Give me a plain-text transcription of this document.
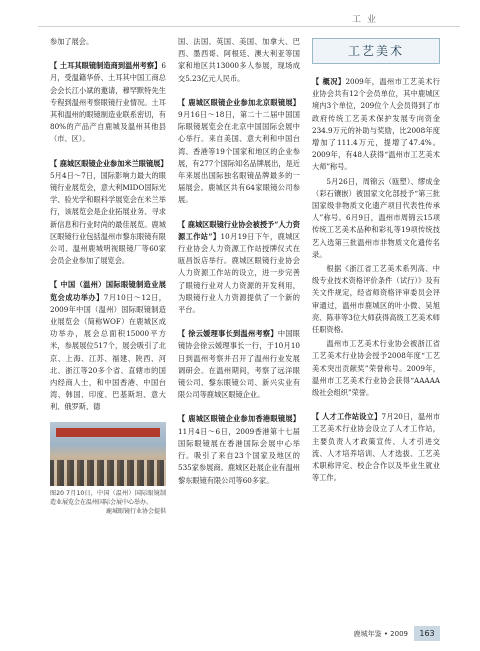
工业

参加了展会。

【 土耳其眼镜制造商到温州考察】6月，受温籍华侨、土耳其中国工商总会会长江小斌的邀请，穆罕默特先生专程到温州考察眼镜行业情况。土耳其和温州的眼镜制造业联系密切，有80%的产品产自鹿城及温州其他县（市、区）。

【 鹿城区眼镜企业参加米兰眼镜展】5月4日～7日，国际影响力最大的眼镜行业展览会，意大利MIDO国际光学、验光学和眼科学展览会在米兰举行，该展览会是企业拓展业务、寻求新信息和行业时尚的最佳展览。鹿城区眼镜行业包括温州市黎东眼镜有限公司、温州鹿城明视眼镜厂等60家会员企业参加了展览会。

【 中国（温州）国际眼镜制造业展览会成功举办】7月10日～12日，2009年中国（温州）国际眼镜制造业展览会（简称WOF）在鹿城区成功举办，展会总面积15000平方米，参展展位517个，展会吸引了北京、上海、江苏、福建、陕西、河北、浙江等20多个省、直辖市的国内经商人士，和中国香港、中国台湾、韩国、印度、巴基斯坦、意大利、俄罗斯、德

图20 7月10日，中国（温州）国际眼镜制造业展览会在温州国际会展中心举办。
鹿城眼镜行业协会提供

国、法国、英国、美国、加拿大、巴西、墨西哥、阿根廷、澳大利亚等国家和地区共13000多人参展，现场成交5.23亿元人民币。

【 鹿城区眼镜企业参加北京眼镜展】9月16日～18日，第二十二届中国国际眼镜展览会在北京中国国际会展中心举行。来自美国、意大利和中国台湾、香港等19个国家和地区的企业参展，有277个国际知名品牌展出，是近年来展出国际独名眼镜品牌最多的一届展会。鹿城区共有64家眼镜公司参展。

【 鹿城区眼镜行业协会被授予“人力资源工作站”】10月19日下午，鹿城区行业协会人力资源工作站授牌仪式在瓯昌饭店举行。鹿城区眼镜行业协会人力资源工作站的设立，进一步完善了眼镜行业对人力资源的开发利用，为眼镜行业人力资源提供了一个新的平台。

【 徐云媛理事长到温州考察】中国眼镜协会徐云媛理事长一行，于10月10日到温州考察并召开了温州行业发展调研会。在温州期间，考察了远洋眼镜公司、黎东眼镜公司、新兴实业有限公司等鹿城区眼镜企业。

【 鹿城区眼镜企业参加香港眼镜展】11月4日～6日，2009香港第十七届国际眼镜展在香港国际会展中心举行。吸引了来自23个国家及地区的535家参展商。鹿城区赴展企业有温州黎东眼镜有限公司等60多家。

工艺美术

【 概况】2009年，温州市工艺美术行业协会共有12个会员单位，其中鹿城区境内3个单位，209位个人会员得到了市政府传统工艺美术保护发展专向资金234.9万元的补助与奖励，比2008年度增加了111.4万元，提增了47.4%。2009年，有48人获得“温州市工艺美术大师”称号。

5月26日，周锦云（瓯塑）、缪成金（彩石镶嵌）被国家文化部授予“第三批国家级非物质文化遗产项目代表性传承人”称号。6月9日，温州市周锦云15项传统工艺美术品种和彩礼等19项传统技艺入选第三批温州市非物质文化遗传名录。

根据《浙江省工艺美术系列高、中级专业技术资格评价条件（试行）》及有关文件规定，经省师资格评审委员会评审通过，温州市鹿城区的叶小微、吴旭亮、陈菲等3位大师获得高级工艺美术师任职资格。

温州市工艺美术行业协会被浙江省工艺美术行业协会授予2008年度“工艺美术突出贡献奖”荣誉称号。2009年，温州市工艺美术行业协会获得“AAAAA级社会组织”荣誉。

【 人才工作站设立】7月20日，温州市工艺美术行业协会设立了人才工作站，主要负责人才政策宣传、人才引进交流、人才培养培训、人才选拔、工艺美术职称评定、校企合作以及毕业生就业等工作。

鹿城年鉴 • 2009	163
